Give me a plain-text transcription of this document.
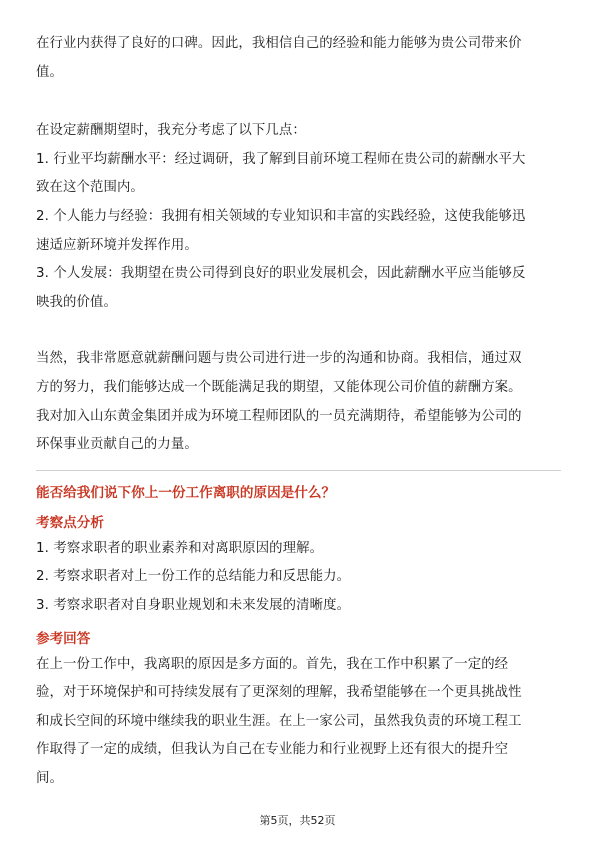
在行业内获得了良好的口碑。因此，我相信自己的经验和能力能够为贵公司带来价
值。

在设定薪酬期望时，我充分考虑了以下几点：

1. 行业平均薪酬水平：经过调研，我了解到目前环境工程师在贵公司的薪酬水平大
致在这个范围内。

2. 个人能力与经验：我拥有相关领域的专业知识和丰富的实践经验，这使我能够迅
速适应新环境并发挥作用。

3. 个人发展：我期望在贵公司得到良好的职业发展机会，因此薪酬水平应当能够反
映我的价值。

当然，我非常愿意就薪酬问题与贵公司进行进一步的沟通和协商。我相信，通过双
方的努力，我们能够达成一个既能满足我的期望，又能体现公司价值的薪酬方案。
我对加入山东黄金集团并成为环境工程师团队的一员充满期待，希望能够为公司的
环保事业贡献自己的力量。

能否给我们说下你上一份工作离职的原因是什么？

考察点分析

1. 考察求职者的职业素养和对离职原因的理解。

2. 考察求职者对上一份工作的总结能力和反思能力。

3. 考察求职者对自身职业规划和未来发展的清晰度。

参考回答

在上一份工作中，我离职的原因是多方面的。首先，我在工作中积累了一定的经
验，对于环境保护和可持续发展有了更深刻的理解，我希望能够在一个更具挑战性
和成长空间的环境中继续我的职业生涯。在上一家公司，虽然我负责的环境工程工
作取得了一定的成绩，但我认为自己在专业能力和行业视野上还有很大的提升空
间。

第5页，共52页
